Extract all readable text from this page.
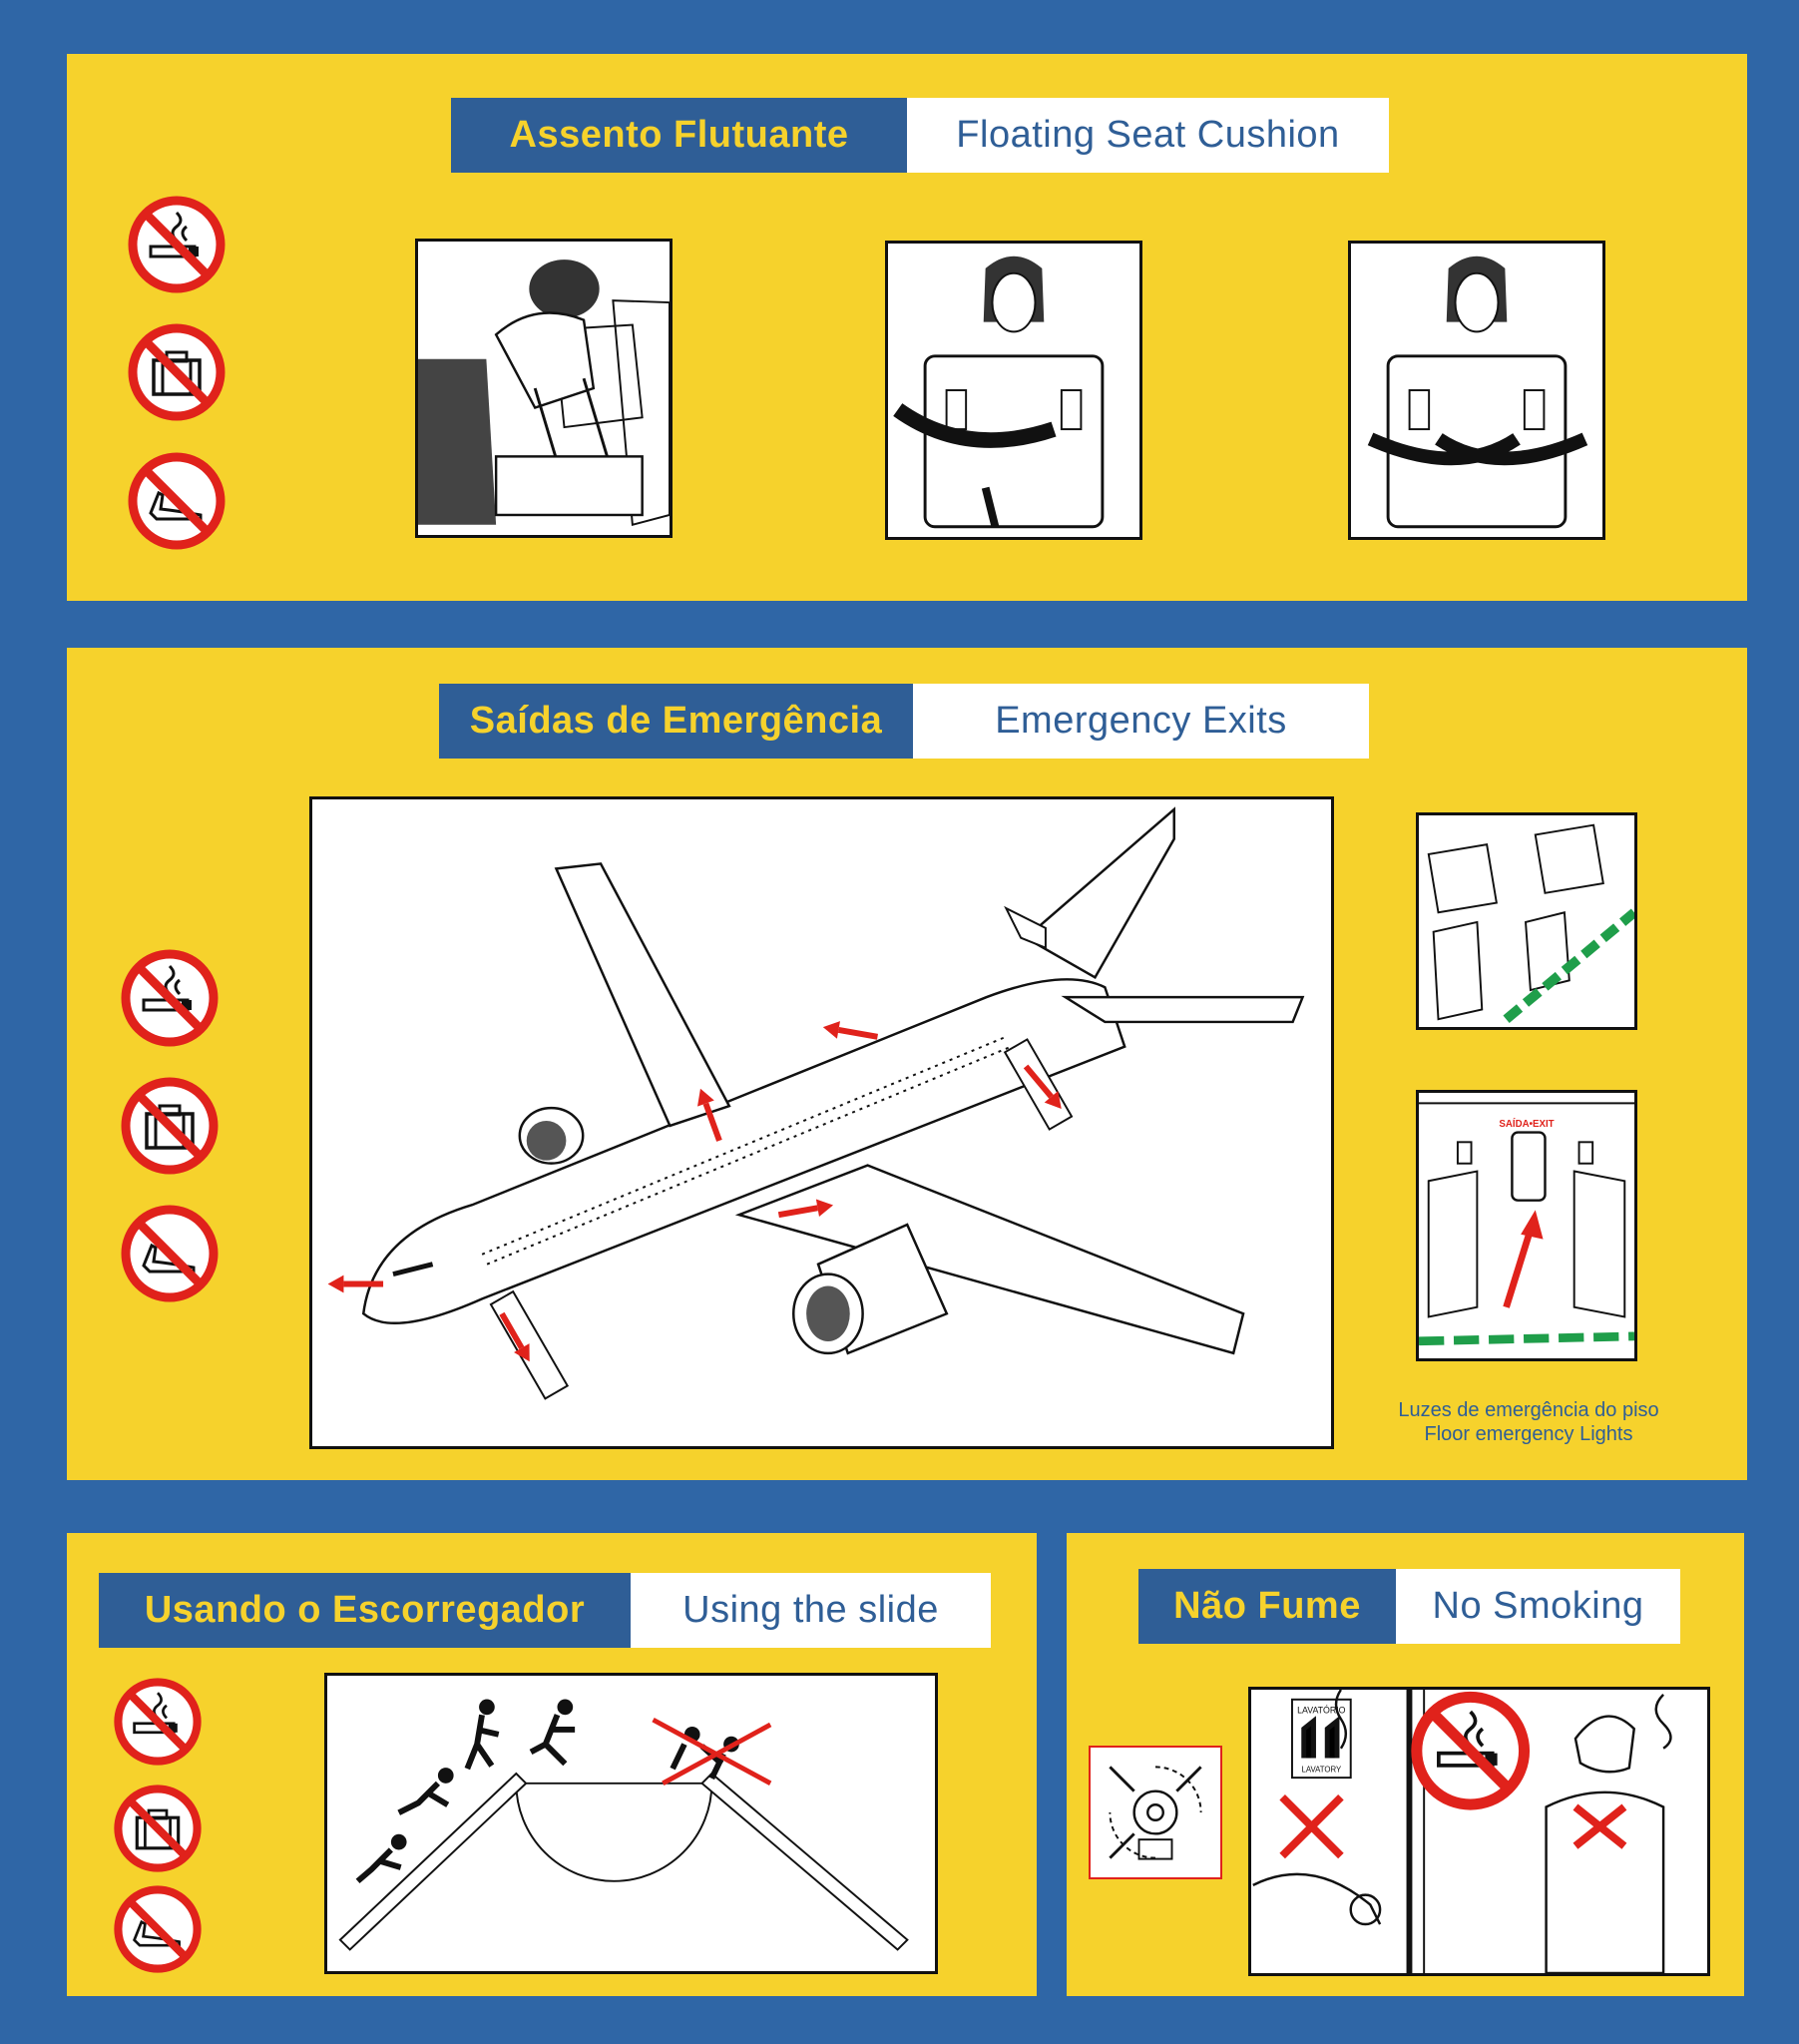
Assento Flutuante	Floating Seat Cushion
Saídas de Emergência	Emergency Exits
SAÍDA•EXIT
Luzes de emergência do piso
Floor emergency Lights
Usando o Escorregador	Using the slide	Não Fume	No Smoking
LAVATÓRIO
LAVATORY
